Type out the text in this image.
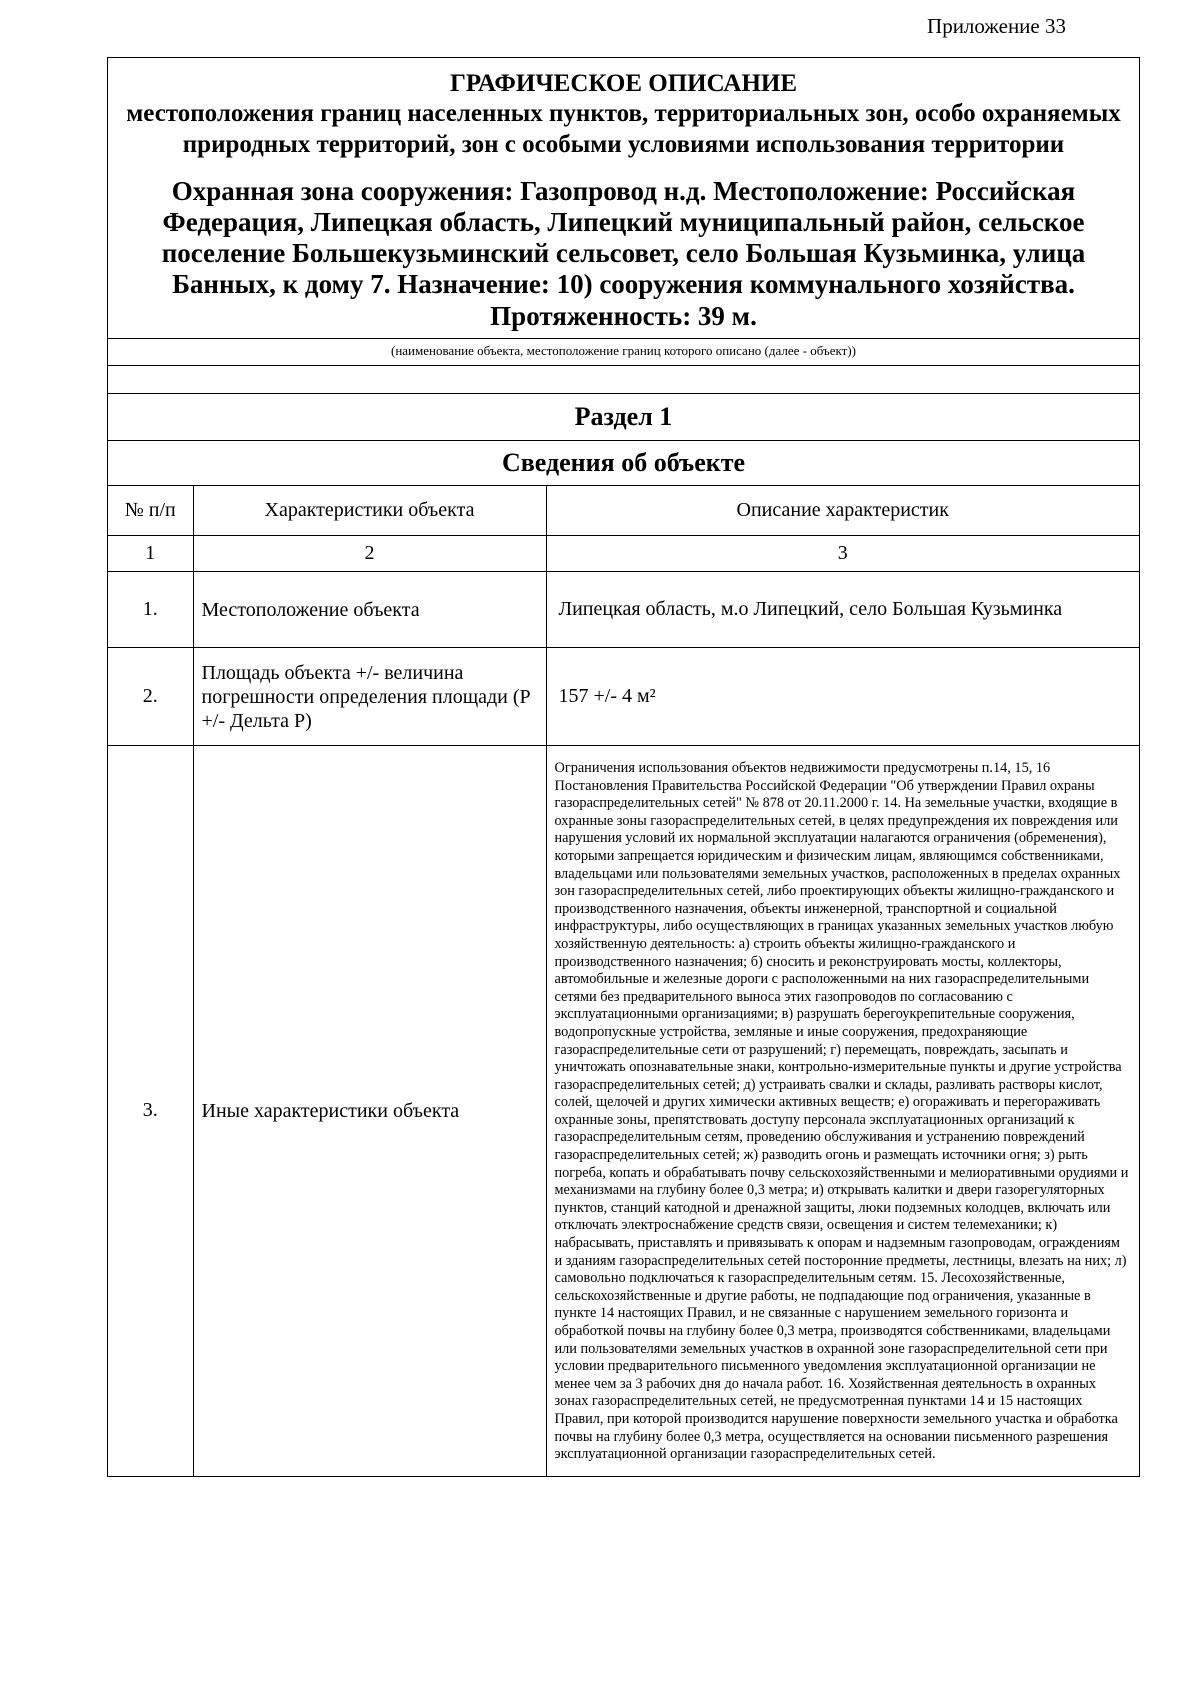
Приложение 33
ГРАФИЧЕСКОЕ ОПИСАНИЕ
местоположения границ населенных пунктов, территориальных зон, особо охраняемых природных территорий, зон с особыми условиями использования территории
Охранная зона сооружения: Газопровод н.д. Местоположение: Российская Федерация, Липецкая область, Липецкий муниципальный район, сельское поселение Большекузьминский сельсовет, село Большая Кузьминка, улица Банных, к дому 7. Назначение: 10) сооружения коммунального хозяйства.
Протяженность: 39 м.
(наименование объекта, местоположение границ которого описано (далее - объект))
Раздел 1
Сведения об объекте
№ п/п	Характеристики объекта	Описание характеристик
1	2	3
1.	Местоположение объекта	Липецкая область, м.о Липецкий, село Большая Кузьминка
2.	Площадь объекта +/- величина погрешности определения площади (P +/- Дельта P)	157 +/- 4 м²
3.	Иные характеристики объекта	Ограничения использования объектов недвижимости предусмотрены п.14, 15, 16 Постановления Правительства Российской Федерации "Об утверждении Правил охраны газораспределительных сетей" № 878 от 20.11.2000 г. 14. На земельные участки, входящие в охранные зоны газораспределительных сетей, в целях предупреждения их повреждения или нарушения условий их нормальной эксплуатации налагаются ограничения (обременения), которыми запрещается юридическим и физическим лицам, являющимся собственниками, владельцами или пользователями земельных участков, расположенных в пределах охранных зон газораспределительных сетей, либо проектирующих объекты жилищно-гражданского и производственного назначения, объекты инженерной, транспортной и социальной инфраструктуры, либо осуществляющих в границах указанных земельных участков любую хозяйственную деятельность: а) строить объекты жилищно-гражданского и производственного назначения; б) сносить и реконструировать мосты, коллекторы, автомобильные и железные дороги с расположенными на них газораспределительными сетями без предварительного выноса этих газопроводов по согласованию с эксплуатационными организациями; в) разрушать берегоукрепительные сооружения, водопропускные устройства, земляные и иные сооружения, предохраняющие газораспределительные сети от разрушений; г) перемещать, повреждать, засыпать и уничтожать опознавательные знаки, контрольно-измерительные пункты и другие устройства газораспределительных сетей; д) устраивать свалки и склады, разливать растворы кислот, солей, щелочей и других химически активных веществ; е) огораживать и перегораживать охранные зоны, препятствовать доступу персонала эксплуатационных организаций к газораспределительным сетям, проведению обслуживания и устранению повреждений газораспределительных сетей; ж) разводить огонь и размещать источники огня; з) рыть погреба, копать и обрабатывать почву сельскохозяйственными и мелиоративными орудиями и механизмами на глубину более 0,3 метра; и) открывать калитки и двери газорегуляторных пунктов, станций катодной и дренажной защиты, люки подземных колодцев, включать или отключать электроснабжение средств связи, освещения и систем телемеханики; к) набрасывать, приставлять и привязывать к опорам и надземным газопроводам, ограждениям и зданиям газораспределительных сетей посторонние предметы, лестницы, влезать на них; л) самовольно подключаться к газораспределительным сетям. 15. Лесохозяйственные, сельскохозяйственные и другие работы, не подпадающие под ограничения, указанные в пункте 14 настоящих Правил, и не связанные с нарушением земельного горизонта и обработкой почвы на глубину более 0,3 метра, производятся собственниками, владельцами или пользователями земельных участков в охранной зоне газораспределительной сети при условии предварительного письменного уведомления эксплуатационной организации не менее чем за 3 рабочих дня до начала работ. 16. Хозяйственная деятельность в охранных зонах газораспределительных сетей, не предусмотренная пунктами 14 и 15 настоящих Правил, при которой производится нарушение поверхности земельного участка и обработка почвы на глубину более 0,3 метра, осуществляется на основании письменного разрешения эксплуатационной организации газораспределительных сетей.
